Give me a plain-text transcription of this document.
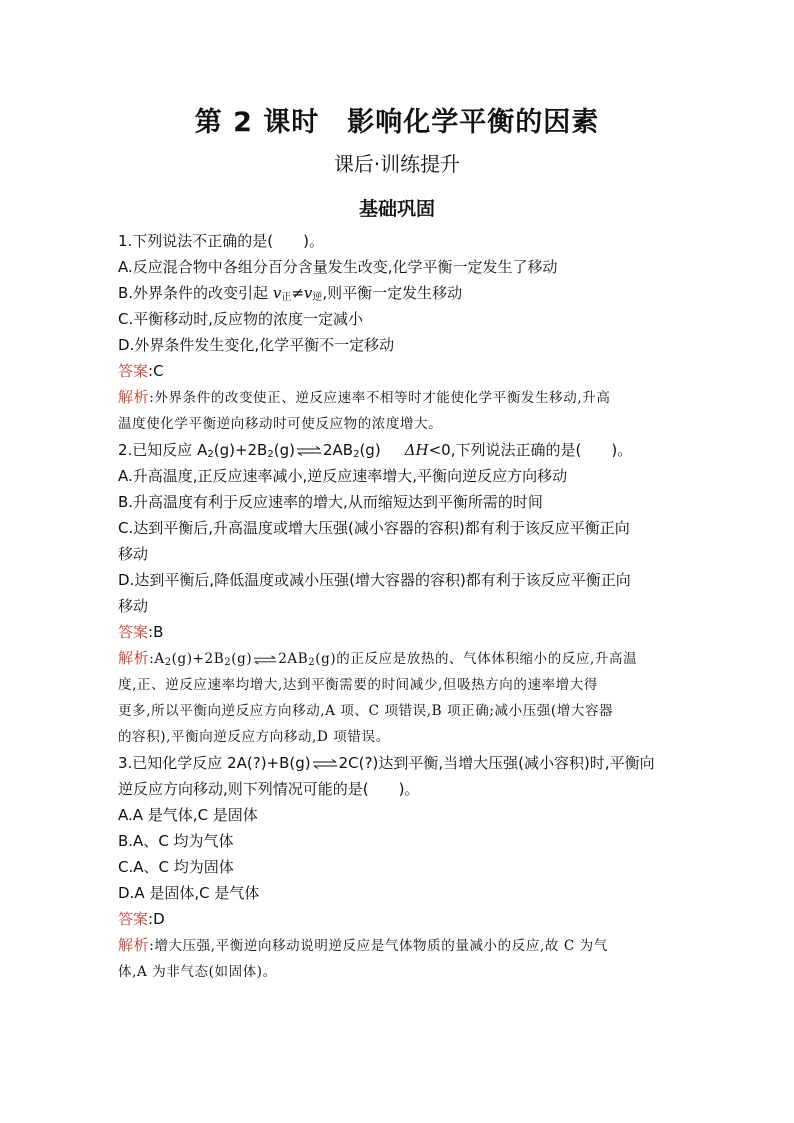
第 2 课时　影响化学平衡的因素
课后·训练提升
基础巩固
1.下列说法不正确的是(　　)。
A.反应混合物中各组分百分含量发生改变,化学平衡一定发生了移动
B.外界条件的改变引起 $v_正\ne v_逆$,则平衡一定发生移动
C.平衡移动时,反应物的浓度一定减小
D.外界条件发生变化,化学平衡不一定移动
答案:C
解析:外界条件的改变使正、逆反应速率不相等时才能使化学平衡发生移动,升高
温度使化学平衡逆向移动时可使反应物的浓度增大。
2.已知反应 $A_2(g)+2B_2(g)\rightleftharpoons 2AB_2(g)$ ΔH<0,下列说法正确的是(　　)。
A.升高温度,正反应速率减小,逆反应速率增大,平衡向逆反应方向移动
B.升高温度有利于反应速率的增大,从而缩短达到平衡所需的时间
C.达到平衡后,升高温度或增大压强(减小容器的容积)都有利于该反应平衡正向
移动
D.达到平衡后,降低温度或减小压强(增大容器的容积)都有利于该反应平衡正向
移动
答案:B
解析$:A_2(g)+2B_2(g)\rightleftharpoons 2AB_2(g)$的正反应是放热的、气体体积缩小的反应,升高温
度,正、逆反应速率均增大,达到平衡需要的时间减少,但吸热方向的速率增大得
更多,所以平衡向逆反应方向移动,A 项、C 项错误,B 项正确;减小压强(增大容器
的容积),平衡向逆反应方向移动,D 项错误。
3.已知化学反应 2A(?)+B(g)⇌2C(?)达到平衡,当增大压强(减小容积)时,平衡向
逆反应方向移动,则下列情况可能的是(　　)。
A.A 是气体,C 是固体
B.A、C 均为气体
C.A、C 均为固体
D.A 是固体,C 是气体
答案:D
解析:增大压强,平衡逆向移动说明逆反应是气体物质的量减小的反应,故 C 为气
体,A 为非气态(如固体)。
